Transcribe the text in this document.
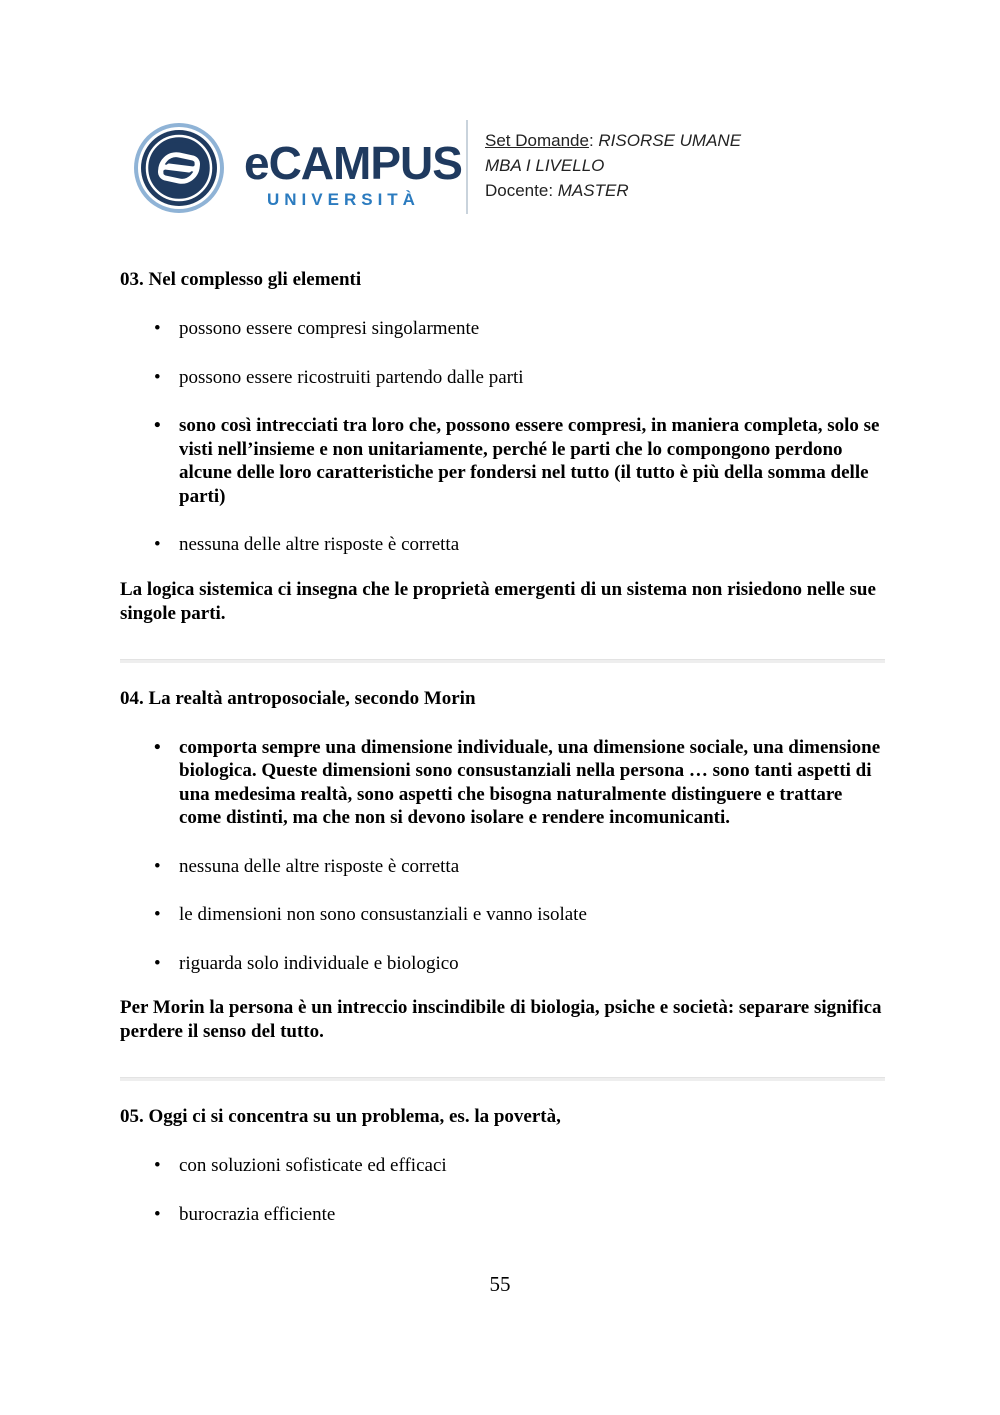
eCAMPUS
UNIVERSITÀ
Set Domande: RISORSE UMANE
MBA I LIVELLO
Docente: MASTER

03. Nel complesso gli elementi

• possono essere compresi singolarmente
• possono essere ricostruiti partendo dalle parti
• sono così intrecciati tra loro che, possono essere compresi, in maniera completa, solo se visti nell’insieme e non unitariamente, perché le parti che lo compongono perdono alcune delle loro caratteristiche per fondersi nel tutto (il tutto è più della somma delle parti)
• nessuna delle altre risposte è corretta
La logica sistemica ci insegna che le proprietà emergenti di un sistema non risiedono nelle sue singole parti.

04. La realtà antroposociale, secondo Morin

• comporta sempre una dimensione individuale, una dimensione sociale, una dimensione biologica. Queste dimensioni sono consustanziali nella persona … sono tanti aspetti di una medesima realtà, sono aspetti che bisogna naturalmente distinguere e trattare come distinti, ma che non si devono isolare e rendere incomunicanti.
• nessuna delle altre risposte è corretta
• le dimensioni non sono consustanziali e vanno isolate
• riguarda solo individuale e biologico
Per Morin la persona è un intreccio inscindibile di biologia, psiche e società: separare significa perdere il senso del tutto.

05. Oggi ci si concentra su un problema, es. la povertà,

• con soluzioni sofisticate ed efficaci
• burocrazia efficiente
55
